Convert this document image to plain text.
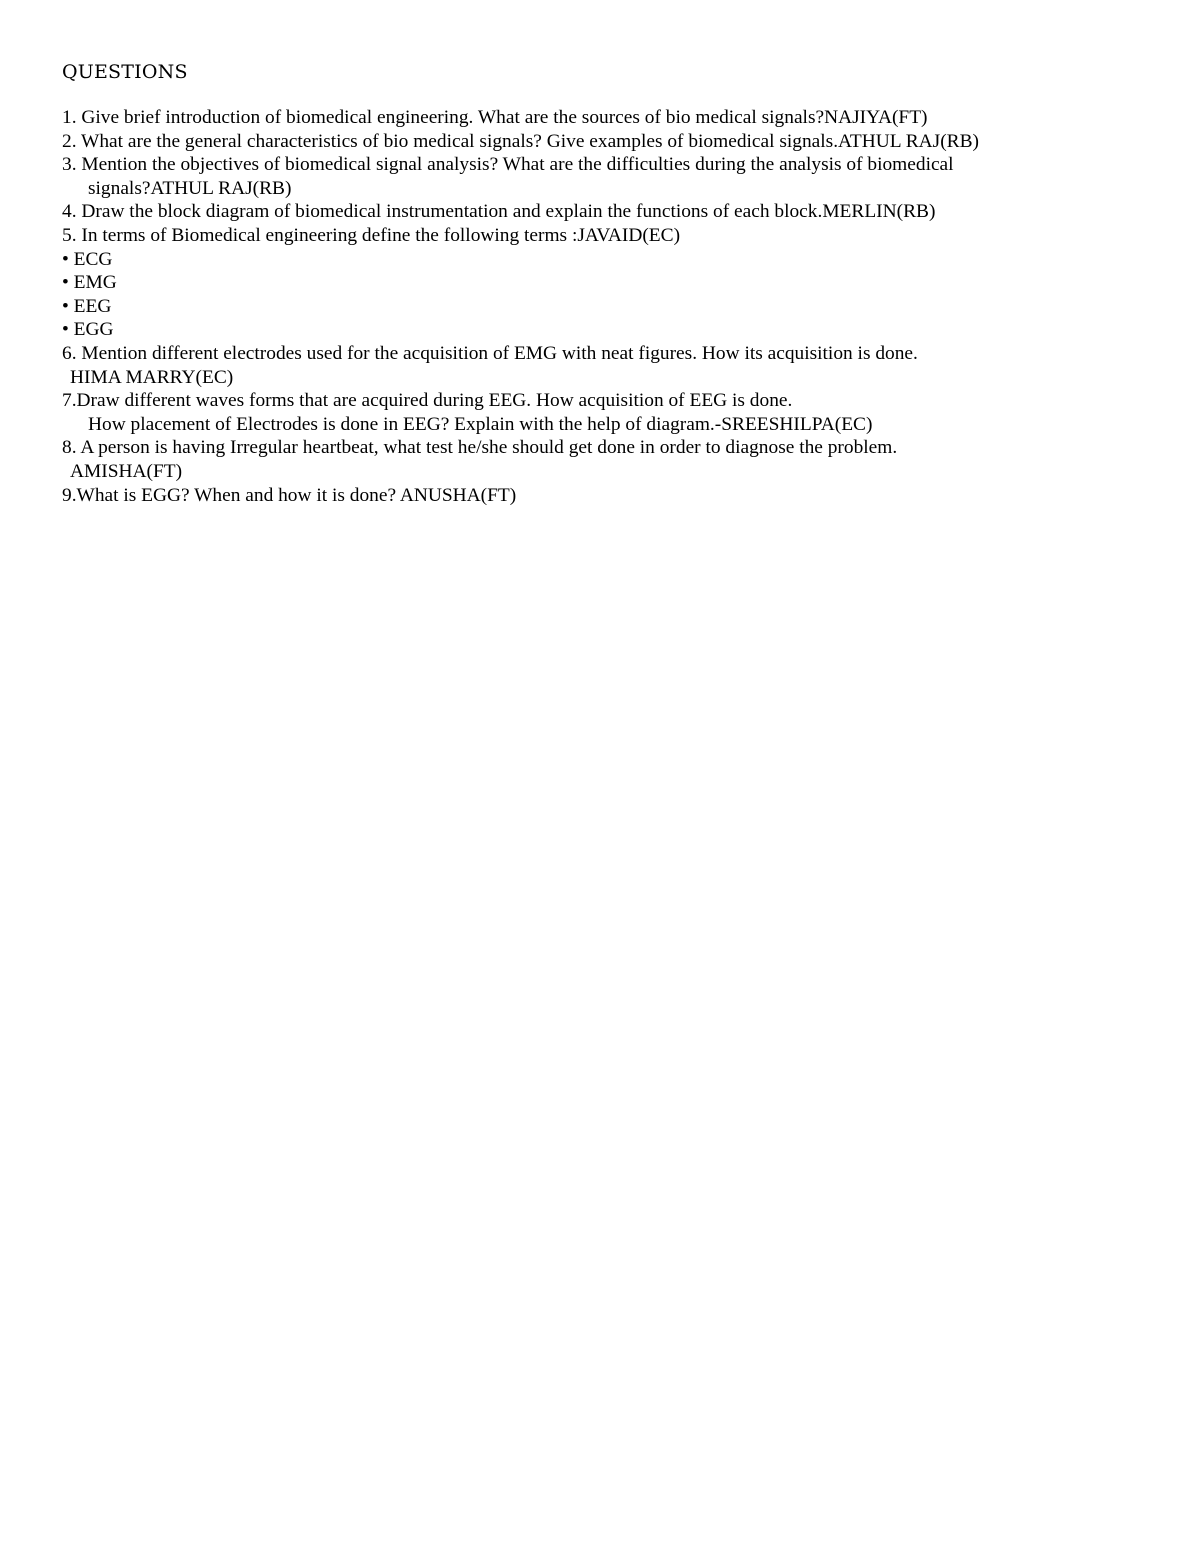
QUESTIONS
1. Give brief introduction of biomedical engineering. What are the sources of bio medical signals?NAJIYA(FT)
2. What are the general characteristics of bio medical signals? Give examples of biomedical signals.ATHUL RAJ(RB)
3. Mention the objectives of biomedical signal analysis? What are the difficulties during the analysis of biomedical
signals?ATHUL RAJ(RB)
4. Draw the block diagram of biomedical instrumentation and explain the functions of each block.MERLIN(RB)
5. In terms of Biomedical engineering define the following terms :JAVAID(EC)
• ECG
• EMG
• EEG
• EGG
6. Mention different electrodes used for the acquisition of EMG with neat figures. How its acquisition is done.
HIMA MARRY(EC)
7.Draw different waves forms that are acquired during EEG. How acquisition of EEG is done.
How placement of Electrodes is done in EEG? Explain with the help of diagram.-SREESHILPA(EC)
8. A person is having Irregular heartbeat, what test he/she should get done in order to diagnose the problem.
AMISHA(FT)
9.What is EGG? When and how it is done? ANUSHA(FT)
